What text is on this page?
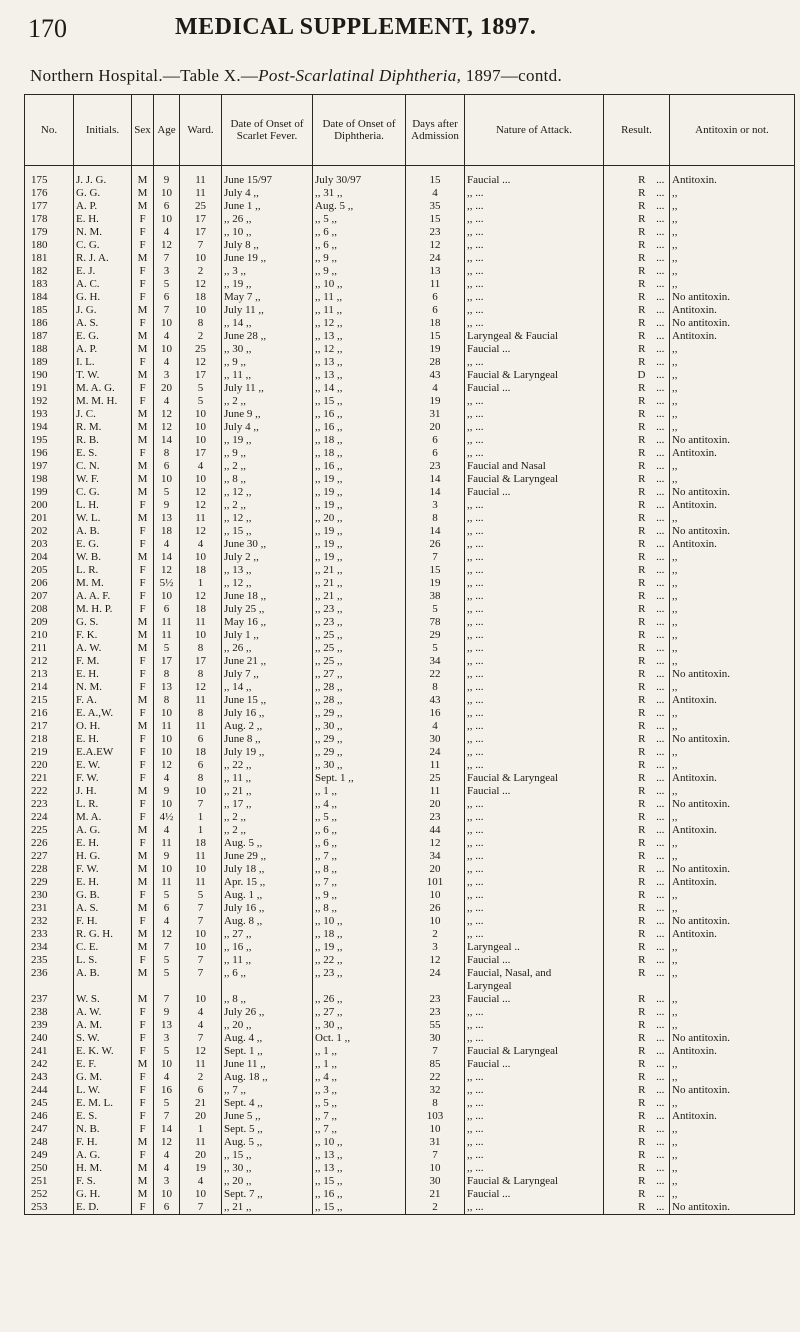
170	MEDICAL SUPPLEMENT, 1897.
Northern Hospital.—Table X.—Post-Scarlatinal Diphtheria, 1897—contd.
No.	Initials.	Sex	Age	Ward.	Date of Onset of Scarlet Fever.	Date of Onset of Diphtheria.	Days after Admission	Nature of Attack.	Result.		Antitoxin or not.
175	J. J. G.	M	9	11	June 15/97	July 30/97	15	Faucial ...	R	...	Antitoxin.
176	G. G.	M	10	11	July 4 ,,	,, 31 ,,	4	,, ...	R	...	,,
177	A. P.	M	6	25	June 1 ,,	Aug. 5 ,,	35	,, ...	R	...	,,
178	E. H.	F	10	17	,, 26 ,,	,, 5 ,,	15	,, ...	R	...	,,
179	N. M.	F	4	17	,, 10 ,,	,, 6 ,,	23	,, ...	R	...	,,
180	C. G.	F	12	7	July 8 ,,	,, 6 ,,	12	,, ...	R	...	,,
181	R. J. A.	M	7	10	June 19 ,,	,, 9 ,,	24	,, ...	R	...	,,
182	E. J.	F	3	2	,, 3 ,,	,, 9 ,,	13	,, ...	R	...	,,
183	A. C.	F	5	12	,, 19 ,,	,, 10 ,,	11	,, ...	R	...	,,
184	G. H.	F	6	18	May 7 ,,	,, 11 ,,	6	,, ...	R	...	No antitoxin.
185	J. G.	M	7	10	July 11 ,,	,, 11 ,,	6	,, ...	R	...	Antitoxin.
186	A. S.	F	10	8	,, 14 ,,	,, 12 ,,	18	,, ...	R	...	No antitoxin.
187	E. G.	M	4	2	June 28 ,,	,, 13 ,,	15	Laryngeal & Faucial	R	...	Antitoxin.
188	A. P.	M	10	25	,, 30 ,,	,, 12 ,,	19	Faucial ...	R	...	,,
189	I. L.	F	4	12	,, 9 ,,	,, 13 ,,	28	,, ...	R	...	,,
190	T. W.	M	3	17	,, 11 ,,	,, 13 ,,	43	Faucial & Laryngeal	D	...	,,
191	M. A. G.	F	20	5	July 11 ,,	,, 14 ,,	4	Faucial ...	R	...	,,
192	M. M. H.	F	4	5	,, 2 ,,	,, 15 ,,	19	,, ...	R	...	,,
193	J. C.	M	12	10	June 9 ,,	,, 16 ,,	31	,, ...	R	...	,,
194	R. M.	M	12	10	July 4 ,,	,, 16 ,,	20	,, ...	R	...	,,
195	R. B.	M	14	10	,, 19 ,,	,, 18 ,,	6	,, ...	R	...	No antitoxin.
196	E. S.	F	8	17	,, 9 ,,	,, 18 ,,	6	,, ...	R	...	Antitoxin.
197	C. N.	M	6	4	,, 2 ,,	,, 16 ,,	23	Faucial and Nasal	R	...	,,
198	W. F.	M	10	10	,, 8 ,,	,, 19 ,,	14	Faucial & Laryngeal	R	...	,,
199	C. G.	M	5	12	,, 12 ,,	,, 19 ,,	14	Faucial ...	R	...	No antitoxin.
200	L. H.	F	9	12	,, 2 ,,	,, 19 ,,	3	,, ...	R	...	Antitoxin.
201	W. L.	M	13	11	,, 12 ,,	,, 20 ,,	8	,, ...	R	...	,,
202	A. B.	F	18	12	,, 15 ,,	,, 19 ,,	14	,, ...	R	...	No antitoxin.
203	E. G.	F	4	4	June 30 ,,	,, 19 ,,	26	,, ...	R	...	Antitoxin.
204	W. B.	M	14	10	July 2 ,,	,, 19 ,,	7	,, ...	R	...	,,
205	L. R.	F	12	18	,, 13 ,,	,, 21 ,,	15	,, ...	R	...	,,
206	M. M.	F	5½	1	,, 12 ,,	,, 21 ,,	19	,, ...	R	...	,,
207	A. A. F.	F	10	12	June 18 ,,	,, 21 ,,	38	,, ...	R	...	,,
208	M. H. P.	F	6	18	July 25 ,,	,, 23 ,,	5	,, ...	R	...	,,
209	G. S.	M	11	11	May 16 ,,	,, 23 ,,	78	,, ...	R	...	,,
210	F. K.	M	11	10	July 1 ,,	,, 25 ,,	29	,, ...	R	...	,,
211	A. W.	M	5	8	,, 26 ,,	,, 25 ,,	5	,, ...	R	...	,,
212	F. M.	F	17	17	June 21 ,,	,, 25 ,,	34	,, ...	R	...	,,
213	E. H.	F	8	8	July 7 ,,	,, 27 ,,	22	,, ...	R	...	No antitoxin.
214	N. M.	F	13	12	,, 14 ,,	,, 28 ,,	8	,, ...	R	...	,,
215	F. A.	M	8	11	June 15 ,,	,, 28 ,,	43	,, ...	R	...	Antitoxin.
216	E. A.,W.	F	10	8	July 16 ,,	,, 29 ,,	16	,, ...	R	...	,,
217	O. H.	M	11	11	Aug. 2 ,,	,, 30 ,,	4	,, ...	R	...	,,
218	E. H.	F	10	6	June 8 ,,	,, 29 ,,	30	,, ...	R	...	No antitoxin.
219	E.A.EW	F	10	18	July 19 ,,	,, 29 ,,	24	,, ...	R	...	,,
220	E. W.	F	12	6	,, 22 ,,	,, 30 ,,	11	,, ...	R	...	,,
221	F. W.	F	4	8	,, 11 ,,	Sept. 1 ,,	25	Faucial & Laryngeal	R	...	Antitoxin.
222	J. H.	M	9	10	,, 21 ,,	,, 1 ,,	11	Faucial ...	R	...	,,
223	L. R.	F	10	7	,, 17 ,,	,, 4 ,,	20	,, ...	R	...	No antitoxin.
224	M. A.	F	4½	1	,, 2 ,,	,, 5 ,,	23	,, ...	R	...	,,
225	A. G.	M	4	1	,, 2 ,,	,, 6 ,,	44	,, ...	R	...	Antitoxin.
226	E. H.	F	11	18	Aug. 5 ,,	,, 6 ,,	12	,, ...	R	...	,,
227	H. G.	M	9	11	June 29 ,,	,, 7 ,,	34	,, ...	R	...	,,
228	F. W.	M	10	10	July 18 ,,	,, 8 ,,	20	,, ...	R	...	No antitoxin.
229	E. H.	M	11	11	Apr. 15 ,,	,, 7 ,,	101	,, ...	R	...	Antitoxin.
230	G. B.	F	5	5	Aug. 1 ,,	,, 9 ,,	10	,, ...	R	...	,,
231	A. S.	M	6	7	July 16 ,,	,, 8 ,,	26	,, ...	R	...	,,
232	F. H.	F	4	7	Aug. 8 ,,	,, 10 ,,	10	,, ...	R	...	No antitoxin.
233	R. G. H.	M	12	10	,, 27 ,,	,, 18 ,,	2	,, ...	R	...	Antitoxin.
234	C. E.	M	7	10	,, 16 ,,	,, 19 ,,	3	Laryngeal ..	R	...	,,
235	L. S.	F	5	7	,, 11 ,,	,, 22 ,,	12	Faucial ...	R	...	,,
236	A. B.	M	5	7	,, 6 ,,	,, 23 ,,	24	Faucial, Nasal, and	R	...	,,
								Laryngeal			
237	W. S.	M	7	10	,, 8 ,,	,, 26 ,,	23	Faucial ...	R	...	,,
238	A. W.	F	9	4	July 26 ,,	,, 27 ,,	23	,, ...	R	...	,,
239	A. M.	F	13	4	,, 20 ,,	,, 30 ,,	55	,, ...	R	...	,,
240	S. W.	F	3	7	Aug. 4 ,,	Oct. 1 ,,	30	,, ...	R	...	No antitoxin.
241	E. K. W.	F	5	12	Sept. 1 ,,	,, 1 ,,	7	Faucial & Laryngeal	R	...	Antitoxin.
242	E. F.	M	10	11	June 11 ,,	,, 1 ,,	85	Faucial ...	R	...	,,
243	G. M.	F	4	2	Aug. 18 ,,	,, 4 ,,	22	,, ...	R	...	,,
244	L. W.	F	16	6	,, 7 ,,	,, 3 ,,	32	,, ...	R	...	No antitoxin.
245	E. M. L.	F	5	21	Sept. 4 ,,	,, 5 ,,	8	,, ...	R	...	,,
246	E. S.	F	7	20	June 5 ,,	,, 7 ,,	103	,, ...	R	...	Antitoxin.
247	N. B.	F	14	1	Sept. 5 ,,	,, 7 ,,	10	,, ...	R	...	,,
248	F. H.	M	12	11	Aug. 5 ,,	,, 10 ,,	31	,, ...	R	...	,,
249	A. G.	F	4	20	,, 15 ,,	,, 13 ,,	7	,, ...	R	...	,,
250	H. M.	M	4	19	,, 30 ,,	,, 13 ,,	10	,, ...	R	...	,,
251	F. S.	M	3	4	,, 20 ,,	,, 15 ,,	30	Faucial & Laryngeal	R	...	,,
252	G. H.	M	10	10	Sept. 7 ,,	,, 16 ,,	21	Faucial ...	R	...	,,
253	E. D.	F	6	7	,, 21 ,,	,, 15 ,,	2	,, ...	R	...	No antitoxin.
